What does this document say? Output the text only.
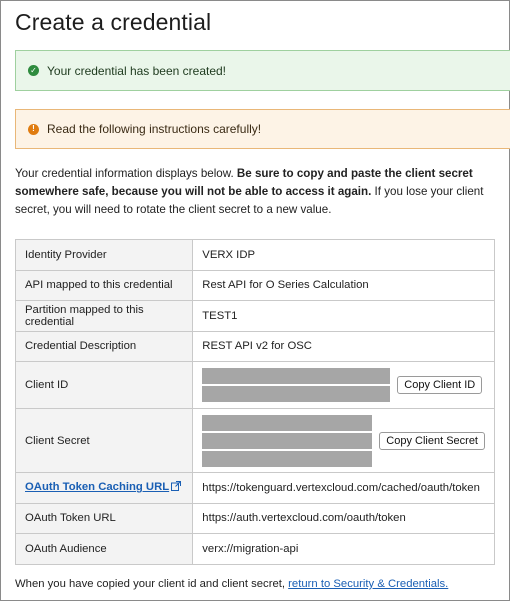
Create a credential
✓ Your credential has been created!
!	Read the following instructions carefully!

Your credential information displays below. Be sure to copy and paste the client secret somewhere safe, because you will not be able to access it again. If you lose your client secret, you will need to rotate the client secret to a new value.

Identity Provider	VERX IDP
API mapped to this credential	Rest API for O Series Calculation
Partition mapped to this credential	TEST1
Credential Description	REST API v2 for OSC
Client ID	Copy Client ID

Client Secret	Copy Client Secret

OAuth Token Caching URL	https://tokenguard.vertexcloud.com/cached/oauth/token
OAuth Token URL	https://auth.vertexcloud.com/oauth/token
OAuth Audience	verx://migration-api
When you have copied your client id and client secret, return to Security & Credentials.
